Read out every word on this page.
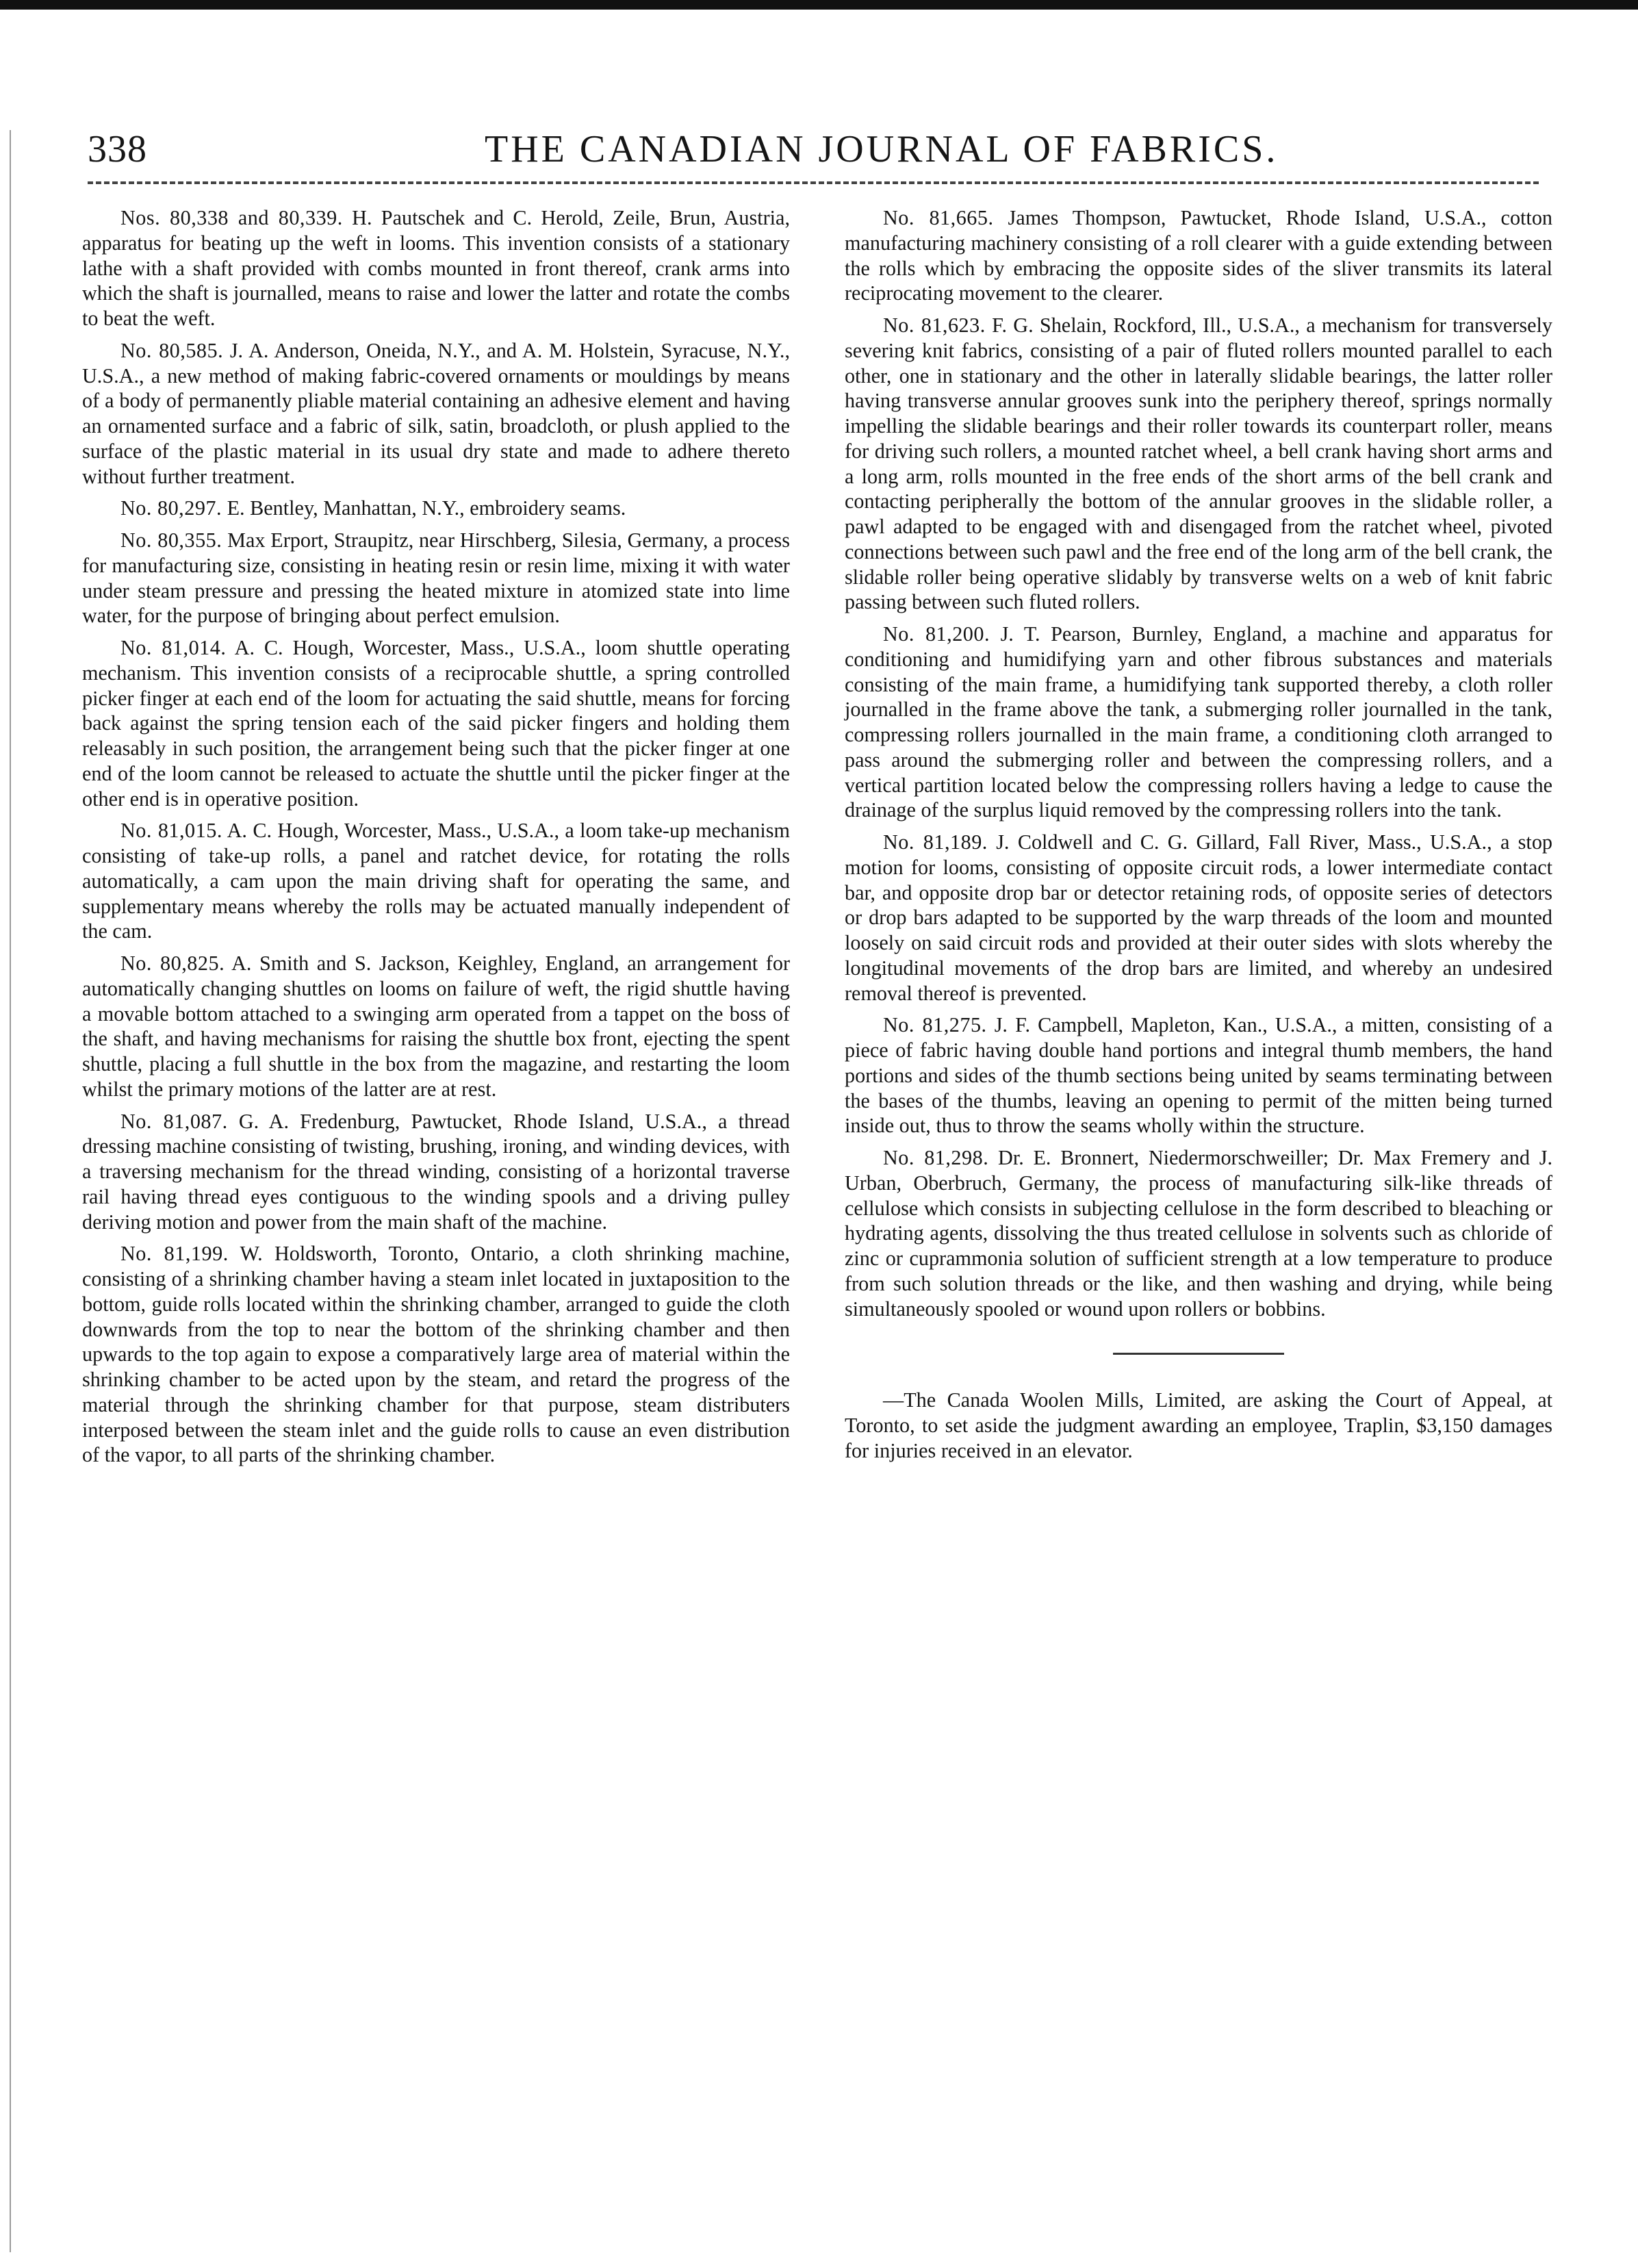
338	THE CANADIAN JOURNAL OF FABRICS.

Nos. 80,338 and 80,339. H. Pautschek and C. Herold, Zeile, Brun, Austria, apparatus for beating up the weft in looms. This invention consists of a stationary lathe with a shaft provided with combs mounted in front thereof, crank arms into which the shaft is journalled, means to raise and lower the latter and rotate the combs to beat the weft.

No. 80,585. J. A. Anderson, Oneida, N.Y., and A. M. Holstein, Syracuse, N.Y., U.S.A., a new method of making fabric-covered ornaments or mouldings by means of a body of permanently pliable material containing an adhesive element and having an ornamented surface and a fabric of silk, satin, broadcloth, or plush applied to the surface of the plastic material in its usual dry state and made to adhere thereto without further treatment.

No. 80,297. E. Bentley, Manhattan, N.Y., embroidery seams.

No. 80,355. Max Erport, Straupitz, near Hirschberg, Silesia, Germany, a process for manufacturing size, consisting in heating resin or resin lime, mixing it with water under steam pressure and pressing the heated mixture in atomized state into lime water, for the purpose of bringing about perfect emulsion.

No. 81,014. A. C. Hough, Worcester, Mass., U.S.A., loom shuttle operating mechanism. This invention consists of a reciprocable shuttle, a spring controlled picker finger at each end of the loom for actuating the said shuttle, means for forcing back against the spring tension each of the said picker fingers and holding them releasably in such position, the arrangement being such that the picker finger at one end of the loom cannot be released to actuate the shuttle until the picker finger at the other end is in operative position.

No. 81,015. A. C. Hough, Worcester, Mass., U.S.A., a loom take-up mechanism consisting of take-up rolls, a panel and ratchet device, for rotating the rolls automatically, a cam upon the main driving shaft for operating the same, and supplementary means whereby the rolls may be actuated manually independent of the cam.

No. 80,825. A. Smith and S. Jackson, Keighley, England, an arrangement for automatically changing shuttles on looms on failure of weft, the rigid shuttle having a movable bottom attached to a swinging arm operated from a tappet on the boss of the shaft, and having mechanisms for raising the shuttle box front, ejecting the spent shuttle, placing a full shuttle in the box from the magazine, and restarting the loom whilst the primary motions of the latter are at rest.

No. 81,087. G. A. Fredenburg, Pawtucket, Rhode Island, U.S.A., a thread dressing machine consisting of twisting, brushing, ironing, and winding devices, with a traversing mechanism for the thread winding, consisting of a horizontal traverse rail having thread eyes contiguous to the winding spools and a driving pulley deriving motion and power from the main shaft of the machine.

No. 81,199. W. Holdsworth, Toronto, Ontario, a cloth shrinking machine, consisting of a shrinking chamber having a steam inlet located in juxtaposition to the bottom, guide rolls located within the shrinking chamber, arranged to guide the cloth downwards from the top to near the bottom of the shrinking chamber and then upwards to the top again to expose a comparatively large area of material within the shrinking chamber to be acted upon by the steam, and retard the progress of the material through the shrinking chamber for that purpose, steam distributers interposed between the steam inlet and the guide rolls to cause an even distribution of the vapor, to all parts of the shrinking chamber.

No. 81,665. James Thompson, Pawtucket, Rhode Island, U.S.A., cotton manufacturing machinery consisting of a roll clearer with a guide extending between the rolls which by embracing the opposite sides of the sliver transmits its lateral reciprocating movement to the clearer.

No. 81,623. F. G. Shelain, Rockford, Ill., U.S.A., a mechanism for transversely severing knit fabrics, consisting of a pair of fluted rollers mounted parallel to each other, one in stationary and the other in laterally slidable bearings, the latter roller having transverse annular grooves sunk into the periphery thereof, springs normally impelling the slidable bearings and their roller towards its counterpart roller, means for driving such rollers, a mounted ratchet wheel, a bell crank having short arms and a long arm, rolls mounted in the free ends of the short arms of the bell crank and contacting peripherally the bottom of the annular grooves in the slidable roller, a pawl adapted to be engaged with and disengaged from the ratchet wheel, pivoted connections between such pawl and the free end of the long arm of the bell crank, the slidable roller being operative slidably by transverse welts on a web of knit fabric passing between such fluted rollers.

No. 81,200. J. T. Pearson, Burnley, England, a machine and apparatus for conditioning and humidifying yarn and other fibrous substances and materials consisting of the main frame, a humidifying tank supported thereby, a cloth roller journalled in the frame above the tank, a submerging roller journalled in the tank, compressing rollers journalled in the main frame, a conditioning cloth arranged to pass around the submerging roller and between the compressing rollers, and a vertical partition located below the compressing rollers having a ledge to cause the drainage of the surplus liquid removed by the compressing rollers into the tank.

No. 81,189. J. Coldwell and C. G. Gillard, Fall River, Mass., U.S.A., a stop motion for looms, consisting of opposite circuit rods, a lower intermediate contact bar, and opposite drop bar or detector retaining rods, of opposite series of detectors or drop bars adapted to be supported by the warp threads of the loom and mounted loosely on said circuit rods and provided at their outer sides with slots whereby the longitudinal movements of the drop bars are limited, and whereby an undesired removal thereof is prevented.

No. 81,275. J. F. Campbell, Mapleton, Kan., U.S.A., a mitten, consisting of a piece of fabric having double hand portions and integral thumb members, the hand portions and sides of the thumb sections being united by seams terminating between the bases of the thumbs, leaving an opening to permit of the mitten being turned inside out, thus to throw the seams wholly within the structure.

No. 81,298. Dr. E. Bronnert, Niedermorschweiller; Dr. Max Fremery and J. Urban, Oberbruch, Germany, the process of manufacturing silk-like threads of cellulose which consists in subjecting cellulose in the form described to bleaching or hydrating agents, dissolving the thus treated cellulose in solvents such as chloride of zinc or cuprammonia solution of sufficient strength at a low temperature to produce from such solution threads or the like, and then washing and drying, while being simultaneously spooled or wound upon rollers or bobbins.

—The Canada Woolen Mills, Limited, are asking the Court of Appeal, at Toronto, to set aside the judgment awarding an employee, Traplin, $3,150 damages for injuries received in an elevator.
